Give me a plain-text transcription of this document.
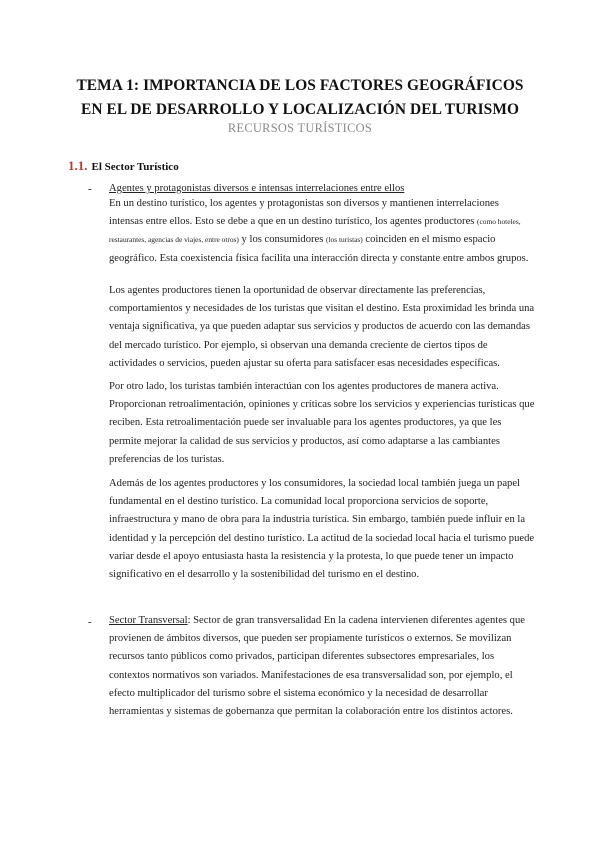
TEMA 1: IMPORTANCIA DE LOS FACTORES GEOGRÁFICOS
EN EL DE DESARROLLO Y LOCALIZACIÓN DEL TURISMO
RECURSOS TURÍSTICOS
1.1. El Sector Turístico
- Agentes y protagonistas diversos e intensas interrelaciones entre ellos
En un destino turístico, los agentes y protagonistas son diversos y mantienen interrelaciones
intensas entre ellos. Esto se debe a que en un destino turístico, los agentes productores (como hoteles,
restaurantes, agencias de viajes, entre otros) y los consumidores (los turistas) coinciden en el mismo espacio
geográfico. Esta coexistencia física facilita una interacción directa y constante entre ambos grupos.
Los agentes productores tienen la oportunidad de observar directamente las preferencias,
comportamientos y necesidades de los turistas que visitan el destino. Esta proximidad les brinda una
ventaja significativa, ya que pueden adaptar sus servicios y productos de acuerdo con las demandas
del mercado turístico. Por ejemplo, si observan una demanda creciente de ciertos tipos de
actividades o servicios, pueden ajustar su oferta para satisfacer esas necesidades específicas.
Por otro lado, los turistas también interactúan con los agentes productores de manera activa.
Proporcionan retroalimentación, opiniones y críticas sobre los servicios y experiencias turísticas que
reciben. Esta retroalimentación puede ser invaluable para los agentes productores, ya que les
permite mejorar la calidad de sus servicios y productos, así como adaptarse a las cambiantes
preferencias de los turistas.
Además de los agentes productores y los consumidores, la sociedad local también juega un papel
fundamental en el destino turístico. La comunidad local proporciona servicios de soporte,
infraestructura y mano de obra para la industria turística. Sin embargo, también puede influir en la
identidad y la percepción del destino turístico. La actitud de la sociedad local hacia el turismo puede
variar desde el apoyo entusiasta hasta la resistencia y la protesta, lo que puede tener un impacto
significativo en el desarrollo y la sostenibilidad del turismo en el destino.
- Sector Transversal: Sector de gran transversalidad En la cadena intervienen diferentes agentes que
provienen de ámbitos diversos, que pueden ser propiamente turísticos o externos. Se movilizan
recursos tanto públicos como privados, participan diferentes subsectores empresariales, los
contextos normativos son variados. Manifestaciones de esa transversalidad son, por ejemplo, el
efecto multiplicador del turismo sobre el sistema económico y la necesidad de desarrollar
herramientas y sistemas de gobernanza que permitan la colaboración entre los distintos actores.
